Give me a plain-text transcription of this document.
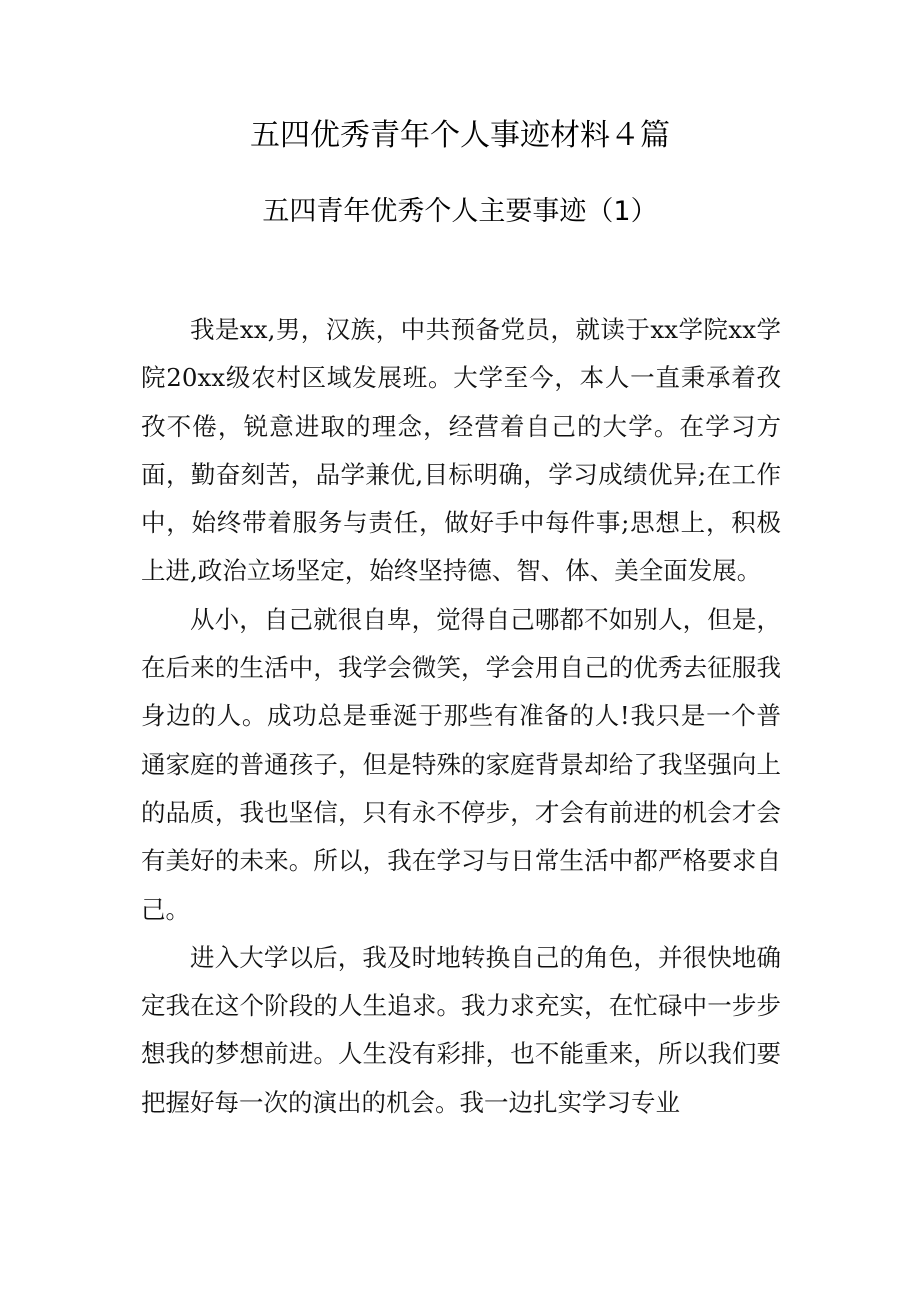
五四优秀青年个人事迹材料４篇
五四青年优秀个人主要事迹（1）

我是xx,男，汉族，中共预备党员，就读于xx学院xx学院20xx级农村区域发展班。大学至今，本人一直秉承着孜孜不倦，锐意进取的理念，经营着自己的大学。在学习方面，勤奋刻苦，品学兼优,目标明确，学习成绩优异;在工作中，始终带着服务与责任，做好手中每件事;思想上，积极上进,政治立场坚定，始终坚持德、智、体、美全面发展。

从小，自己就很自卑，觉得自己哪都不如别人，但是，在后来的生活中，我学会微笑，学会用自己的优秀去征服我身边的人。成功总是垂涎于那些有准备的人!我只是一个普通家庭的普通孩子，但是特殊的家庭背景却给了我坚强向上的品质，我也坚信，只有永不停步，才会有前进的机会才会有美好的未来。所以，我在学习与日常生活中都严格要求自己。

进入大学以后，我及时地转换自己的角色，并很快地确定我在这个阶段的人生追求。我力求充实，在忙碌中一步步想我的梦想前进。人生没有彩排，也不能重来，所以我们要把握好每一次的演出的机会。我一边扎实学习专业
